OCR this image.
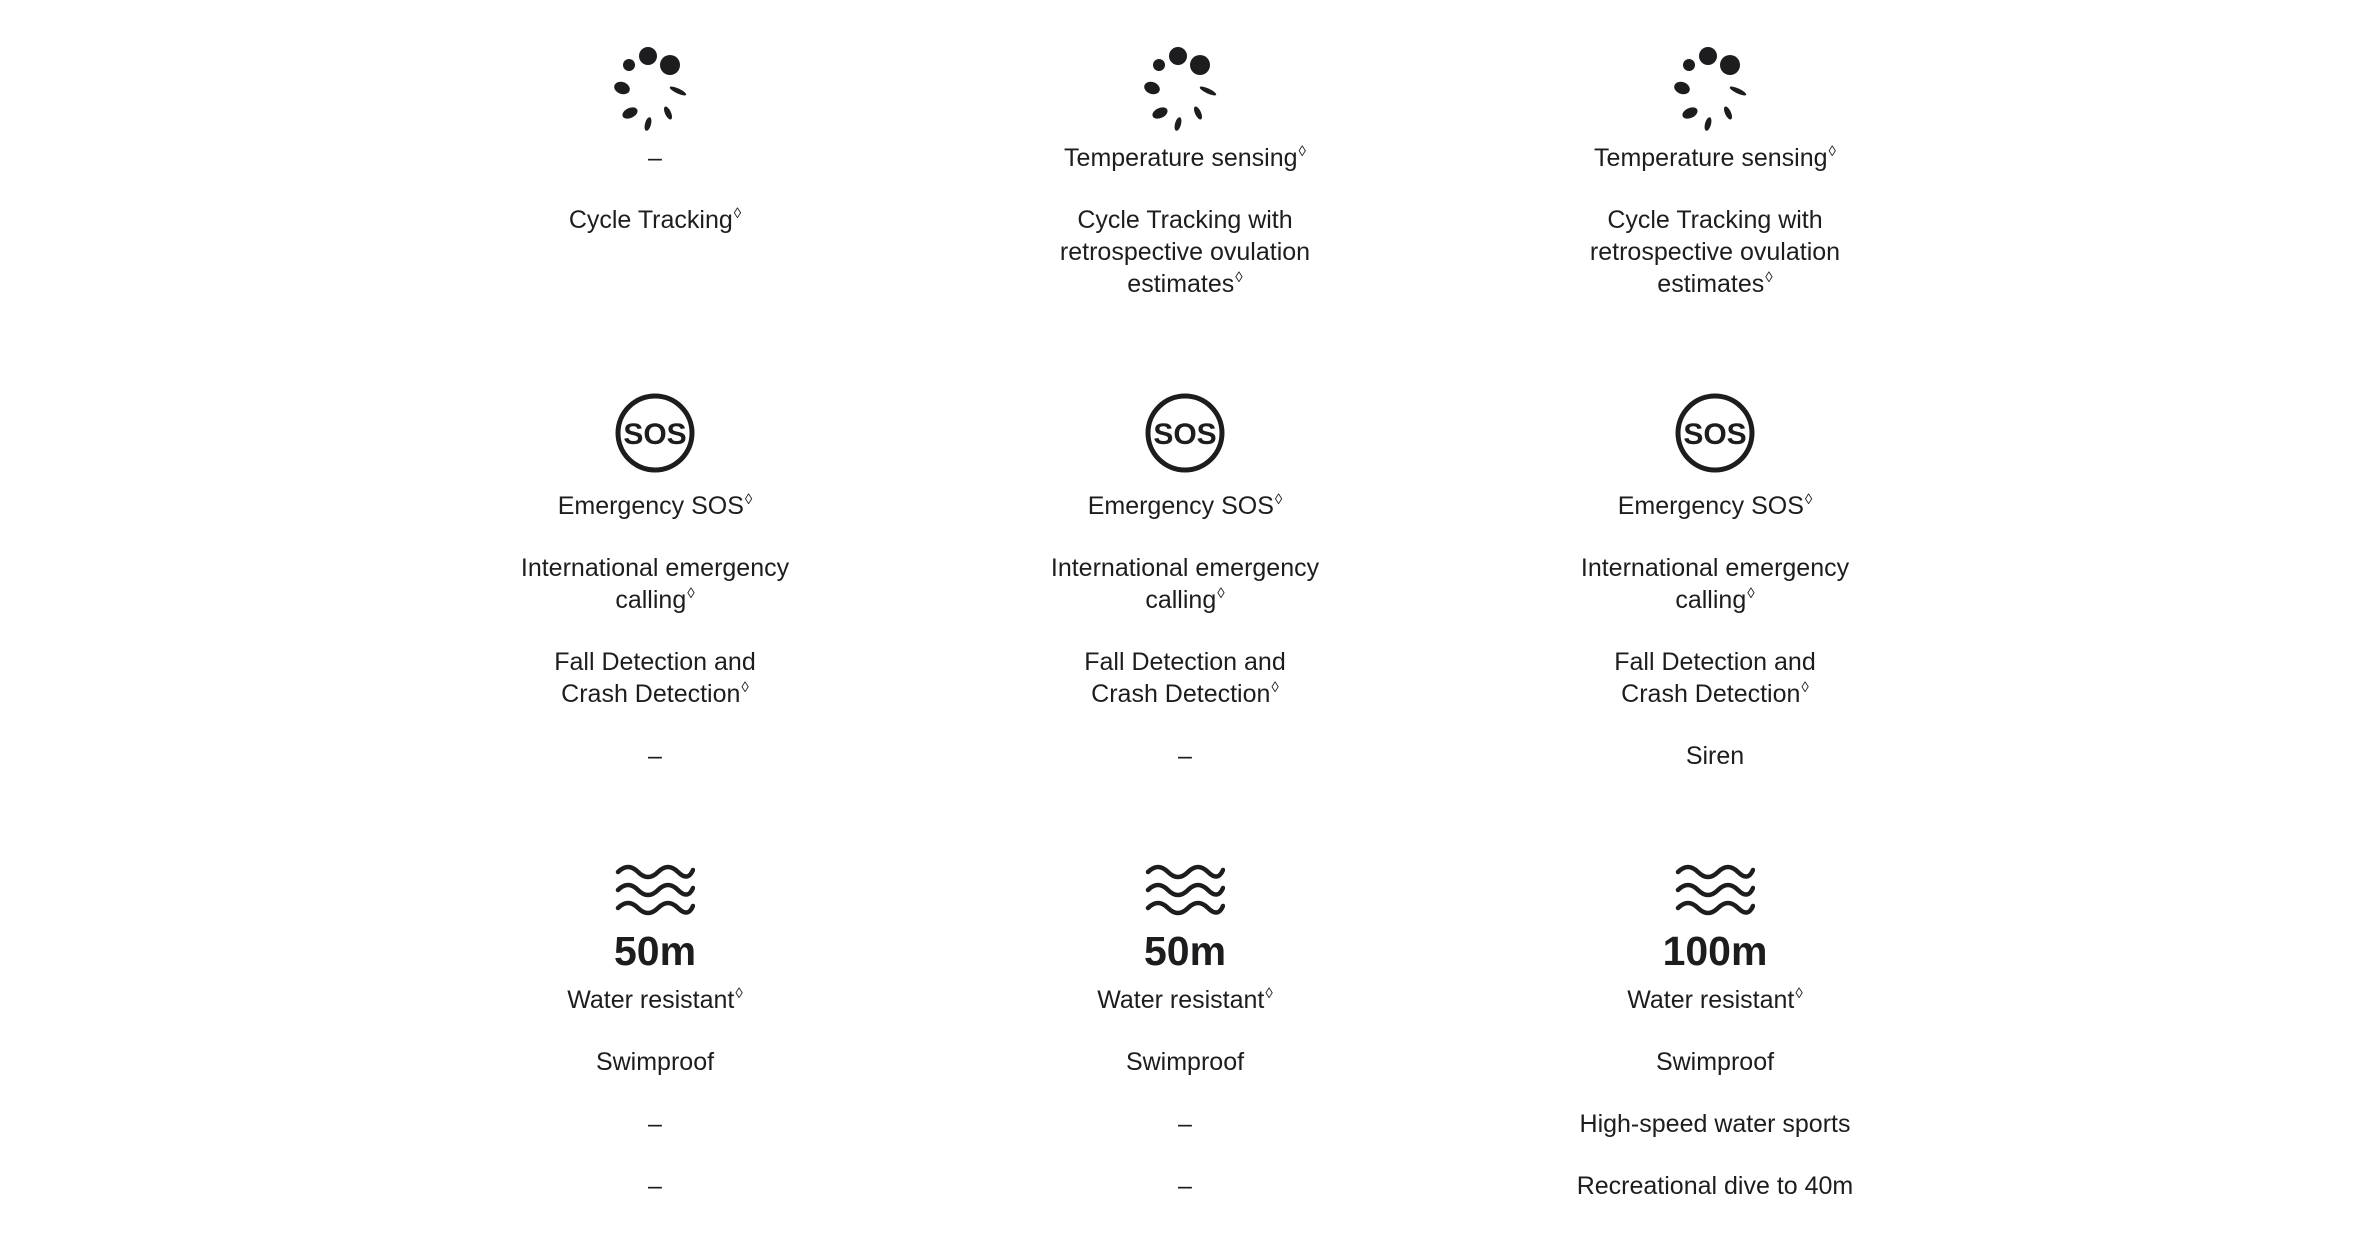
–
Cycle Tracking◊
SOS
Emergency SOS◊
International emergency
calling◊
Fall Detection and
Crash Detection◊
–
50m
Water resistant◊
Swimproof
–
–
Temperature sensing◊
Cycle Tracking with
retrospective ovulation
estimates◊
SOS
Emergency SOS◊
International emergency
calling◊
Fall Detection and
Crash Detection◊
–
50m
Water resistant◊
Swimproof
–
–
Temperature sensing◊
Cycle Tracking with
retrospective ovulation
estimates◊
SOS
Emergency SOS◊
International emergency
calling◊
Fall Detection and
Crash Detection◊
Siren
100m
Water resistant◊
Swimproof
High-speed water sports
Recreational dive to 40m
